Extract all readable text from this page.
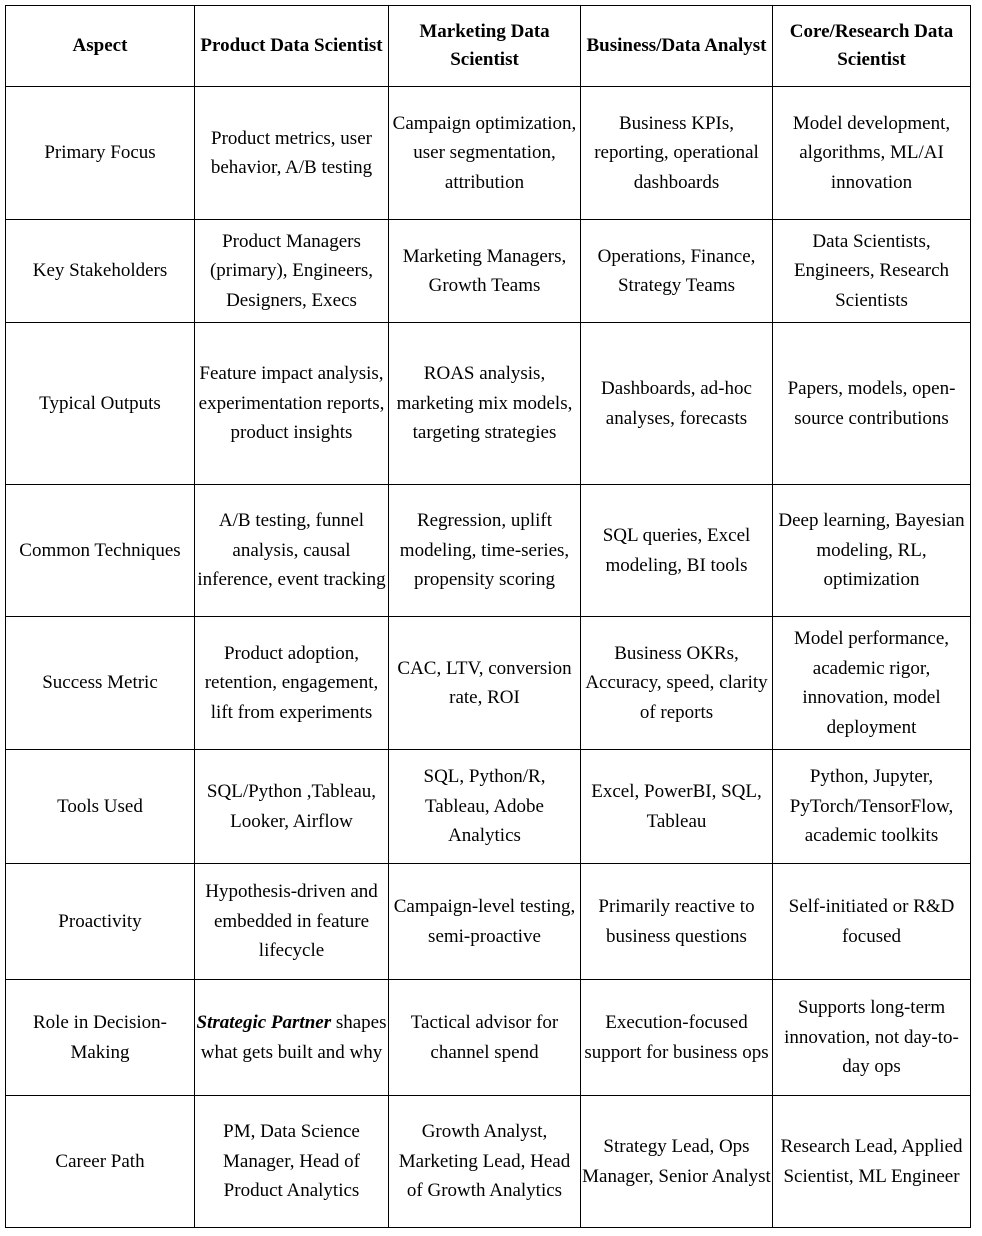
Aspect	Product Data Scientist	Marketing Data Scientist	Business/Data Analyst	Core/Research Data Scientist
Primary Focus	Product metrics, user behavior, A/B testing	Campaign optimization, user segmentation, attribution	Business KPIs, reporting, operational dashboards	Model development, algorithms, ML/AI innovation
Key Stakeholders	Product Managers (primary), Engineers, Designers, Execs	Marketing Managers, Growth Teams	Operations, Finance, Strategy Teams	Data Scientists, Engineers, Research Scientists
Typical Outputs	Feature impact analysis, experimentation reports, product insights	ROAS analysis, marketing mix models, targeting strategies	Dashboards, ad-hoc analyses, forecasts	Papers, models, open-source contributions
Common Techniques	A/B testing, funnel analysis, causal inference, event tracking	Regression, uplift modeling, time-series, propensity scoring	SQL queries, Excel modeling, BI tools	Deep learning, Bayesian modeling, RL, optimization
Success Metric	Product adoption, retention, engagement, lift from experiments	CAC, LTV, conversion rate, ROI	Business OKRs, Accuracy, speed, clarity of reports	Model performance, academic rigor, innovation, model deployment
Tools Used	SQL/Python ,Tableau, Looker, Airflow	SQL, Python/R, Tableau, Adobe Analytics	Excel, PowerBI, SQL, Tableau	Python, Jupyter, PyTorch/TensorFlow, academic toolkits
Proactivity	Hypothesis-driven and embedded in feature lifecycle	Campaign-level testing, semi-proactive	Primarily reactive to business questions	Self-initiated or R&D focused
Role in Decision-Making	Strategic Partner shapes what gets built and why	Tactical advisor for channel spend	Execution-focused support for business ops	Supports long-term innovation, not day-to-day ops
Career Path	PM, Data Science Manager, Head of Product Analytics	Growth Analyst, Marketing Lead, Head of Growth Analytics	Strategy Lead, Ops Manager, Senior Analyst	Research Lead, Applied Scientist, ML Engineer
